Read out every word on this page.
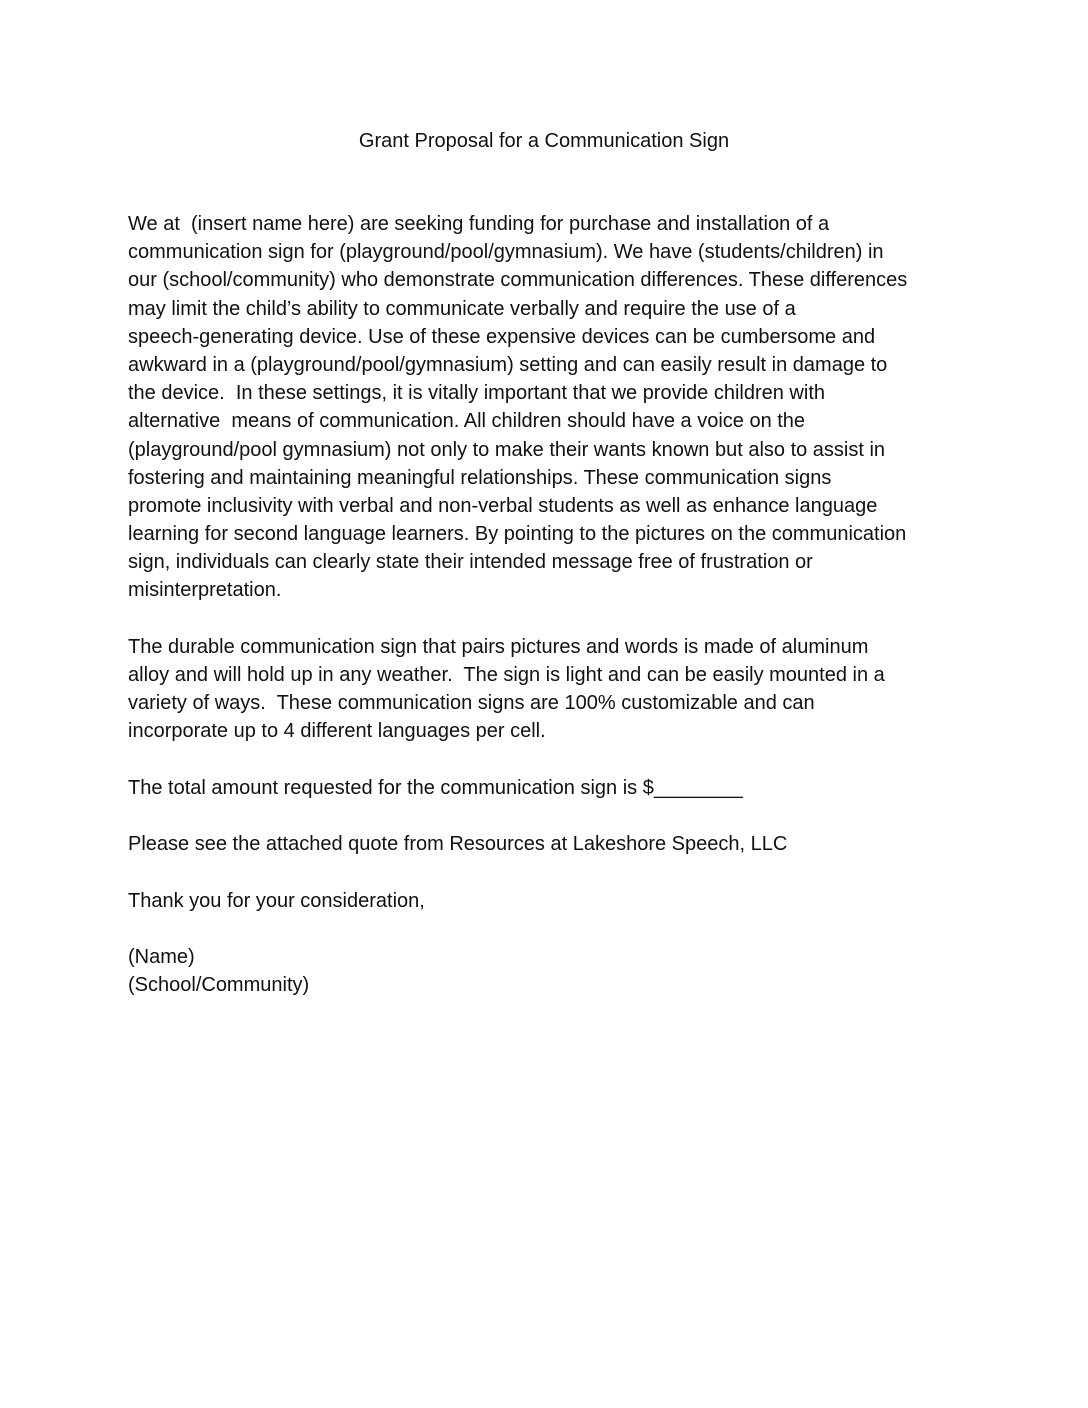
Grant Proposal for a Communication Sign
We at  (insert name here) are seeking funding for purchase and installation of a
communication sign for (playground/pool/gymnasium). We have (students/children) in
our (school/community) who demonstrate communication differences. These differences
may limit the child’s ability to communicate verbally and require the use of a
speech-generating device. Use of these expensive devices can be cumbersome and
awkward in a (playground/pool/gymnasium) setting and can easily result in damage to
the device.  In these settings, it is vitally important that we provide children with
alternative  means of communication. All children should have a voice on the
(playground/pool gymnasium) not only to make their wants known but also to assist in
fostering and maintaining meaningful relationships. These communication signs
promote inclusivity with verbal and non-verbal students as well as enhance language
learning for second language learners. By pointing to the pictures on the communication
sign, individuals can clearly state their intended message free of frustration or
misinterpretation.
The durable communication sign that pairs pictures and words is made of aluminum
alloy and will hold up in any weather.  The sign is light and can be easily mounted in a
variety of ways.  These communication signs are 100% customizable and can
incorporate up to 4 different languages per cell.
The total amount requested for the communication sign is $________
Please see the attached quote from Resources at Lakeshore Speech, LLC
Thank you for your consideration,
(Name)
(School/Community)
